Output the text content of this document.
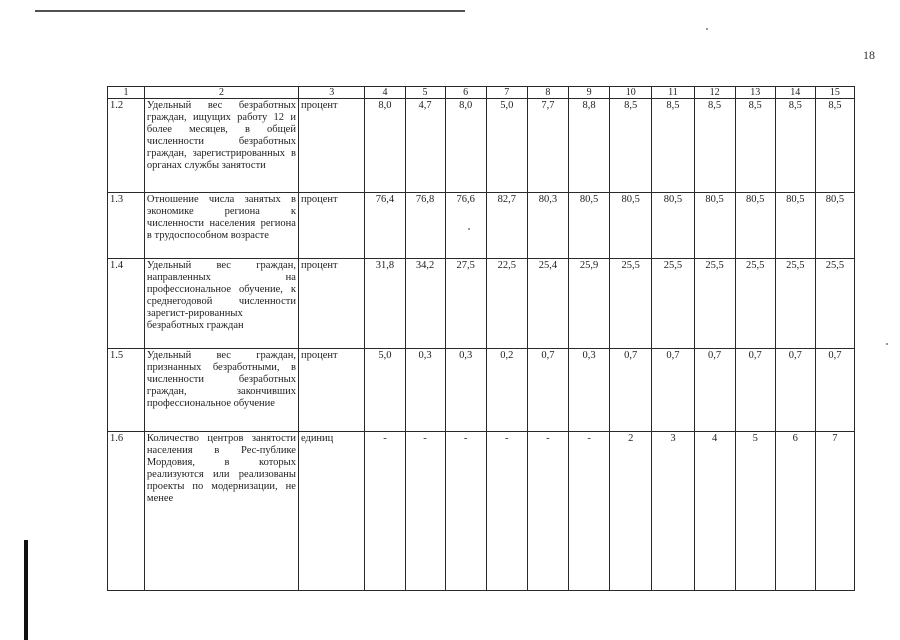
18
1	2	3	4	5	6	7	8	9	10	11	12	13	14	15
1.2	Удельный вес безработных граждан, ищущих работу 12 и более месяцев, в общей численности безработных граждан, зарегистрированных в органах службы занятости	процент	8,0	4,7	8,0	5,0	7,7	8,8	8,5	8,5	8,5	8,5	8,5	8,5
1.3	Отношение числа занятых в экономике региона к численности населения региона в трудоспособном возрасте	процент	76,4	76,8	76,6	82,7	80,3	80,5	80,5	80,5	80,5	80,5	80,5	80,5
1.4	Удельный вес граждан, направленных на профессиональное обучение, к среднегодовой численности зарегист-рированных безработных граждан	процент	31,8	34,2	27,5	22,5	25,4	25,9	25,5	25,5	25,5	25,5	25,5	25,5
1.5	Удельный вес граждан, признанных безработными, в численности безработных граждан, закончивших профессиональное обучение	процент	5,0	0,3	0,3	0,2	0,7	0,3	0,7	0,7	0,7	0,7	0,7	0,7
1.6	Количество центров занятости населения в Рес-публике Мордовия, в которых реализуются или реализованы проекты по модернизации, не менее	единиц	-	-	-	-	-	-	2	3	4	5	6	7
